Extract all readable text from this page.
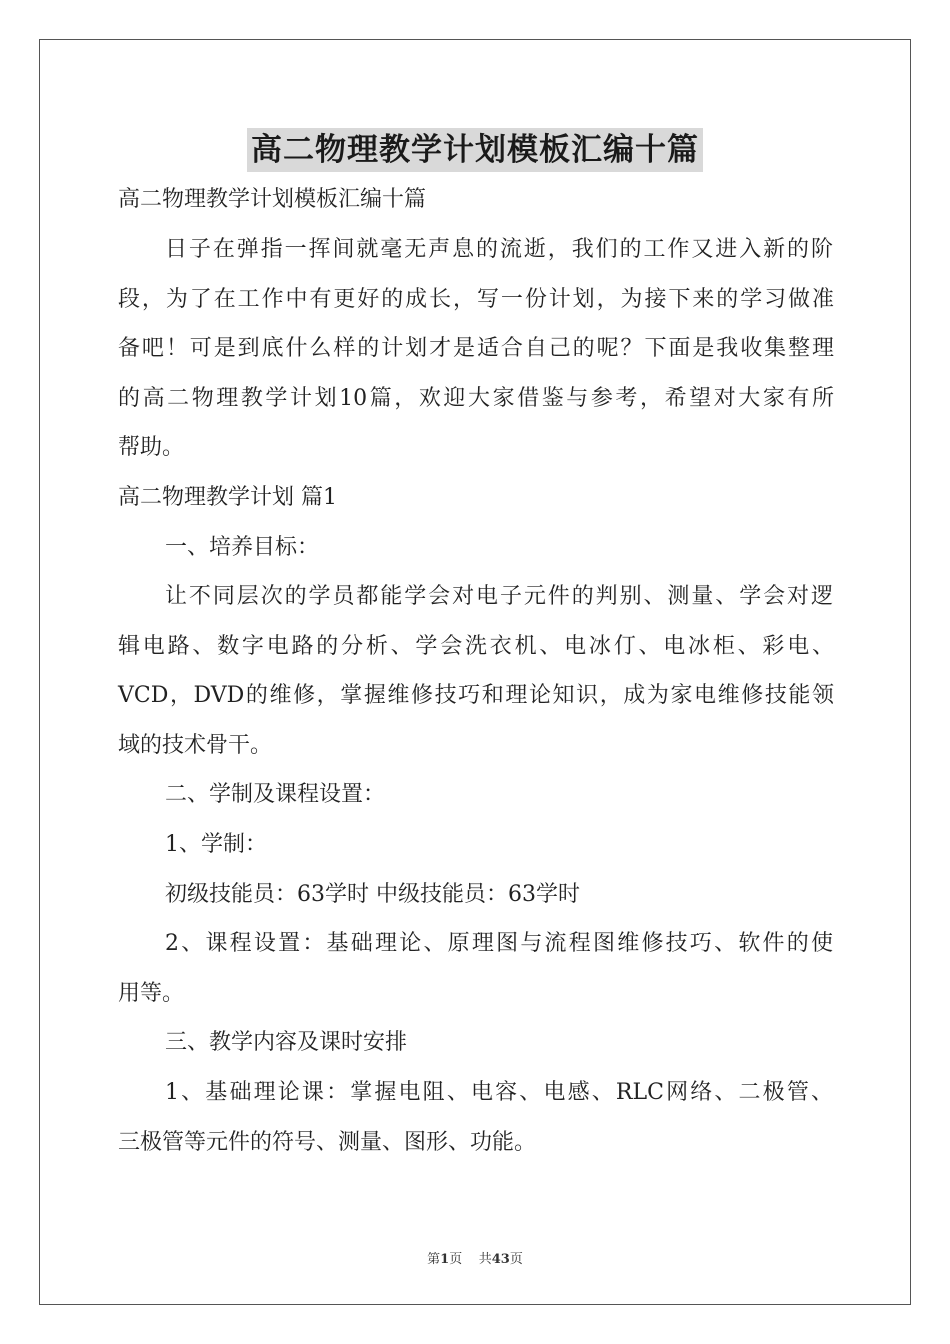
高二物理教学计划模板汇编十篇
高二物理教学计划模板汇编十篇
日子在弹指一挥间就毫无声息的流逝，我们的工作又进入新的阶
段，为了在工作中有更好的成长，写一份计划，为接下来的学习做准
备吧！可是到底什么样的计划才是适合自己的呢？下面是我收集整理
的高二物理教学计划10篇，欢迎大家借鉴与参考，希望对大家有所
帮助。
高二物理教学计划 篇1
一、培养目标：
让不同层次的学员都能学会对电子元件的判别、测量、学会对逻
辑电路、数字电路的分析、学会洗衣机、电冰仃、电冰柜、彩电、
VCD，DVD的维修，掌握维修技巧和理论知识，成为家电维修技能领
域的技术骨干。
二、学制及课程设置：
1、学制：
初级技能员：63学时 中级技能员：63学时
2、课程设置：基础理论、原理图与流程图维修技巧、软件的使
用等。
三、教学内容及课时安排
1、基础理论课：掌握电阻、电容、电感、RLC网络、二极管、
三极管等元件的符号、测量、图形、功能。
第1页 共43页
